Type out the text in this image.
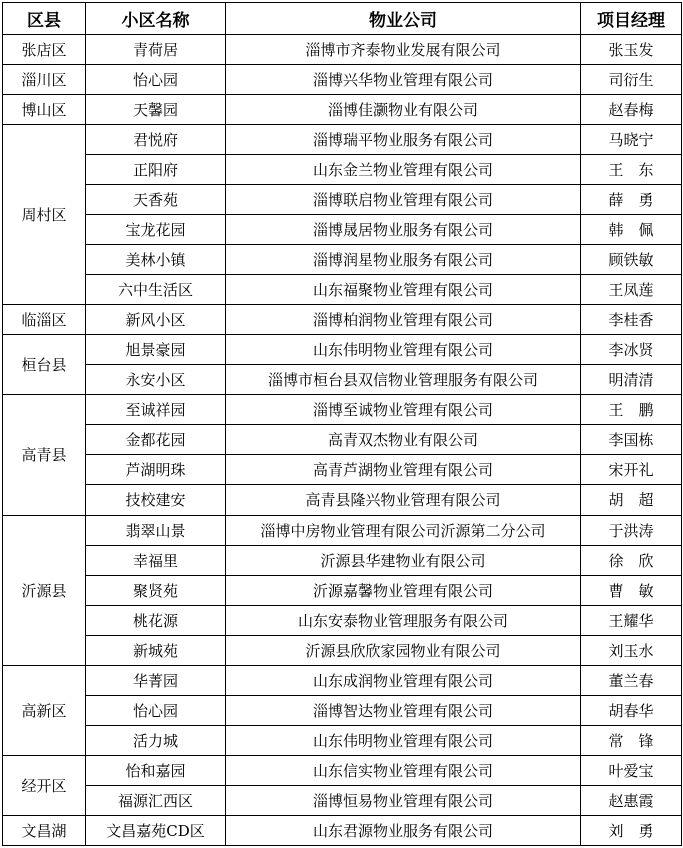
区县	小区名称	物业公司	项目经理
张店区	青荷居	淄博市齐泰物业发展有限公司	张玉发
淄川区	怡心园	淄博兴华物业管理有限公司	司衍生
博山区	天馨园	淄博佳灏物业有限公司	赵春梅
周村区	君悦府	淄博瑞平物业服务有限公司	马晓宁
	正阳府	山东金兰物业管理有限公司	王　东
	天香苑	淄博联启物业管理有限公司	薛　勇
	宝龙花园	淄博晟居物业服务有限公司	韩　佩
	美林小镇	淄博润星物业服务有限公司	顾铁敏
	六中生活区	山东福聚物业管理有限公司	王凤莲
临淄区	新风小区	淄博柏润物业管理有限公司	李桂香
桓台县	旭景豪园	山东伟明物业管理有限公司	李冰贤
	永安小区	淄博市桓台县双信物业管理服务有限公司	明清清
高青县	至诚祥园	淄博至诚物业管理有限公司	王　鹏
	金都花园	高青双杰物业有限公司	李国栋
	芦湖明珠	高青芦湖物业管理有限公司	宋开礼
	技校建安	高青县隆兴物业管理有限公司	胡　超
沂源县	翡翠山景	淄博中房物业管理有限公司沂源第二分公司	于洪涛
	幸福里	沂源县华建物业有限公司	徐　欣
	聚贤苑	沂源嘉馨物业管理有限公司	曹　敏
	桃花源	山东安泰物业管理服务有限公司	王耀华
	新城苑	沂源县欣欣家园物业有限公司	刘玉水
高新区	华菁园	山东成润物业管理有限公司	董兰春
	怡心园	淄博智达物业管理有限公司	胡春华
	活力城	山东伟明物业管理有限公司	常　锋
经开区	怡和嘉园	山东信实物业管理有限公司	叶爱宝
	福源汇西区	淄博恒易物业管理有限公司	赵惠霞
文昌湖	文昌嘉苑CD区	山东君源物业服务有限公司	刘　勇
